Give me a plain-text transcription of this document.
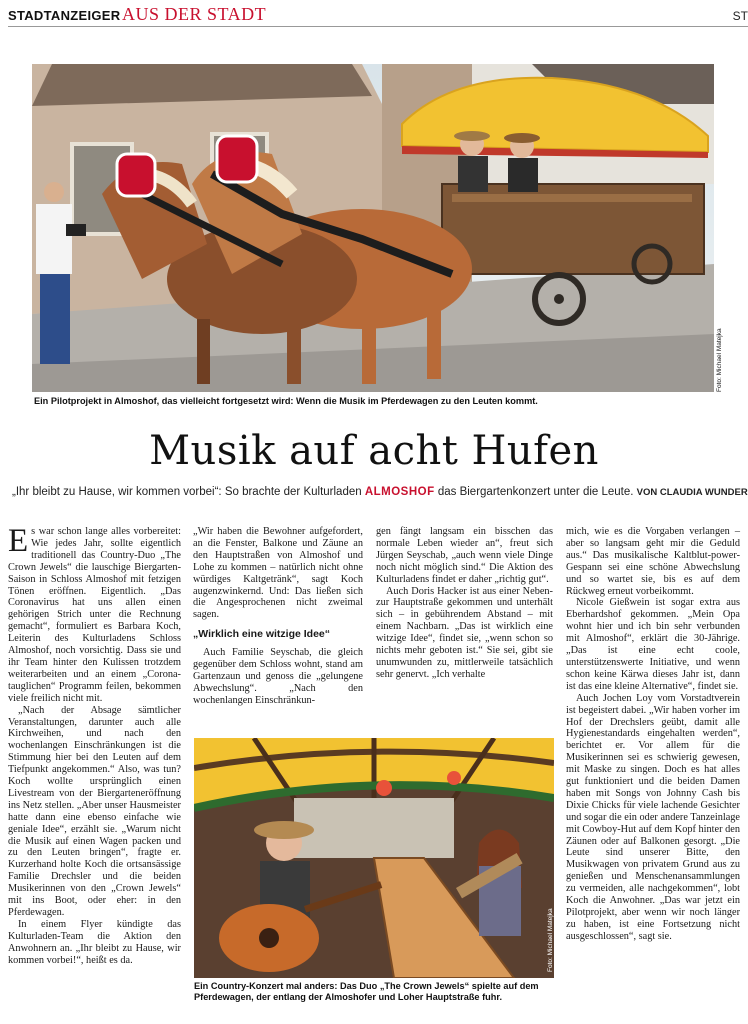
STADTANZEIGER AUS DER STADT	ST
Foto: Michael Matejka
Ein Pilotprojekt in Almoshof, das vielleicht fortgesetzt wird: Wenn die Musik im Pferdewagen zu den Leuten kommt.
Musik auf acht Hufen
„Ihr bleibt zu Hause, wir kommen vorbei“: So brachte der Kulturladen ALMOSHOF das Biergartenkonzert unter die Leute. VON CLAUDIA WUNDER

Es war schon lange alles vorbereitet: Wie jedes Jahr, sollte eigentlich traditionell das Country-Duo „The Crown Jewels“ die lauschige Biergarten-Saison in Schloss Almoshof mit fetzigen Tönen eröffnen. Eigentlich. „Das Coronavirus hat uns allen einen gehörigen Strich unter die Rechnung gemacht“, formuliert es Barbara Koch, Leiterin des Kulturladens Schloss Almoshof, noch vorsichtig. Dass sie und ihr Team hinter den Kulissen trotzdem weiterarbeiten und an einem „Corona-tauglichen“ Programm feilen, bekommen viele freilich nicht mit.

„Nach der Absage sämtlicher Veranstaltungen, darunter auch alle Kirchweihen, und nach den wochenlangen Einschränkungen ist die Stimmung hier bei den Leuten auf dem Tiefpunkt angekommen.“ Also, was tun? Koch wollte ursprünglich einen Livestream von der Biergarteneröffnung ins Netz stellen. „Aber unser Hausmeister hatte dann eine ebenso einfache wie geniale Idee“, erzählt sie. „Warum nicht die Musik auf einen Wagen packen und zu den Leuten bringen“, fragte er. Kurzerhand holte Koch die ortsansässige Familie Drechsler und die beiden Musikerinnen von den „Crown Jewels“ mit ins Boot, oder eher: in den Pferdewagen.

In einem Flyer kündigte das Kulturladen-Team die Aktion den Anwohnern an. „Ihr bleibt zu Hause, wir kommen vorbei!“, heißt es da.

„Wir haben die Bewohner aufgefordert, an die Fenster, Balkone und Zäune an den Hauptstraßen von Almoshof und Lohe zu kommen – natürlich nicht ohne würdiges Kaltgetränk“, sagt Koch augenzwinkernd. Und: Das ließen sich die Angesprochenen nicht zweimal sagen.

„Wirklich eine witzige Idee“

Auch Familie Seyschab, die gleich gegenüber dem Schloss wohnt, stand am Gartenzaun und genoss die „gelungene Abwechslung“. „Nach den wochenlangen Einschränkun-

gen fängt langsam ein bisschen das normale Leben wieder an“, freut sich Jürgen Seyschab, „auch wenn viele Dinge noch nicht möglich sind.“ Die Aktion des Kulturladens findet er daher „richtig gut“.

Auch Doris Hacker ist aus einer Neben- zur Hauptstraße gekommen und unterhält sich – in gebührendem Abstand – mit einem Nachbarn. „Das ist wirklich eine witzige Idee“, findet sie, „wenn schon so nichts mehr geboten ist.“ Sie sei, gibt sie unumwunden zu, mittlerweile tatsächlich sehr genervt. „Ich verhalte

mich, wie es die Vorgaben verlangen – aber so langsam geht mir die Geduld aus.“ Das musikalische Kaltblut-power-Gespann sei eine schöne Abwechslung und so wartet sie, bis es auf dem Rückweg erneut vorbeikommt.

Nicole Gießwein ist sogar extra aus Eberhardshof gekommen. „Mein Opa wohnt hier und ich bin sehr verbunden mit Almoshof“, erklärt die 30-Jährige. „Das ist eine echt coole, unterstützenswerte Initiative, und wenn schon keine Kärwa dieses Jahr ist, dann ist das eine kleine Alternative“, findet sie.

Auch Jochen Loy vom Vorstadtverein ist begeistert dabei. „Wir haben vorher im Hof der Drechslers geübt, damit alle Hygienestandards eingehalten werden“, berichtet er. Vor allem für die Musikerinnen sei es schwierig gewesen, mit Maske zu singen. Doch es hat alles gut funktioniert und die beiden Damen haben mit Songs von Johnny Cash bis Dixie Chicks für viele lachende Gesichter und sogar die ein oder andere Tanzeinlage mit Cowboy-Hut auf dem Kopf hinter den Zäunen oder auf Balkonen gesorgt. „Die Leute sind unserer Bitte, den Musikwagen von privatem Grund aus zu genießen und Menschenansammlungen zu vermeiden, alle nachgekommen“, lobt Koch die Anwohner. „Das war jetzt ein Pilotprojekt, aber wenn wir noch länger zu haben, ist eine Fortsetzung nicht ausgeschlossen“, sagt sie.

Foto: Michael Matejka
Ein Country-Konzert mal anders: Das Duo „The Crown Jewels“ spielte auf dem Pferdewagen, der entlang der Almoshofer und Loher Hauptstraße fuhr.
